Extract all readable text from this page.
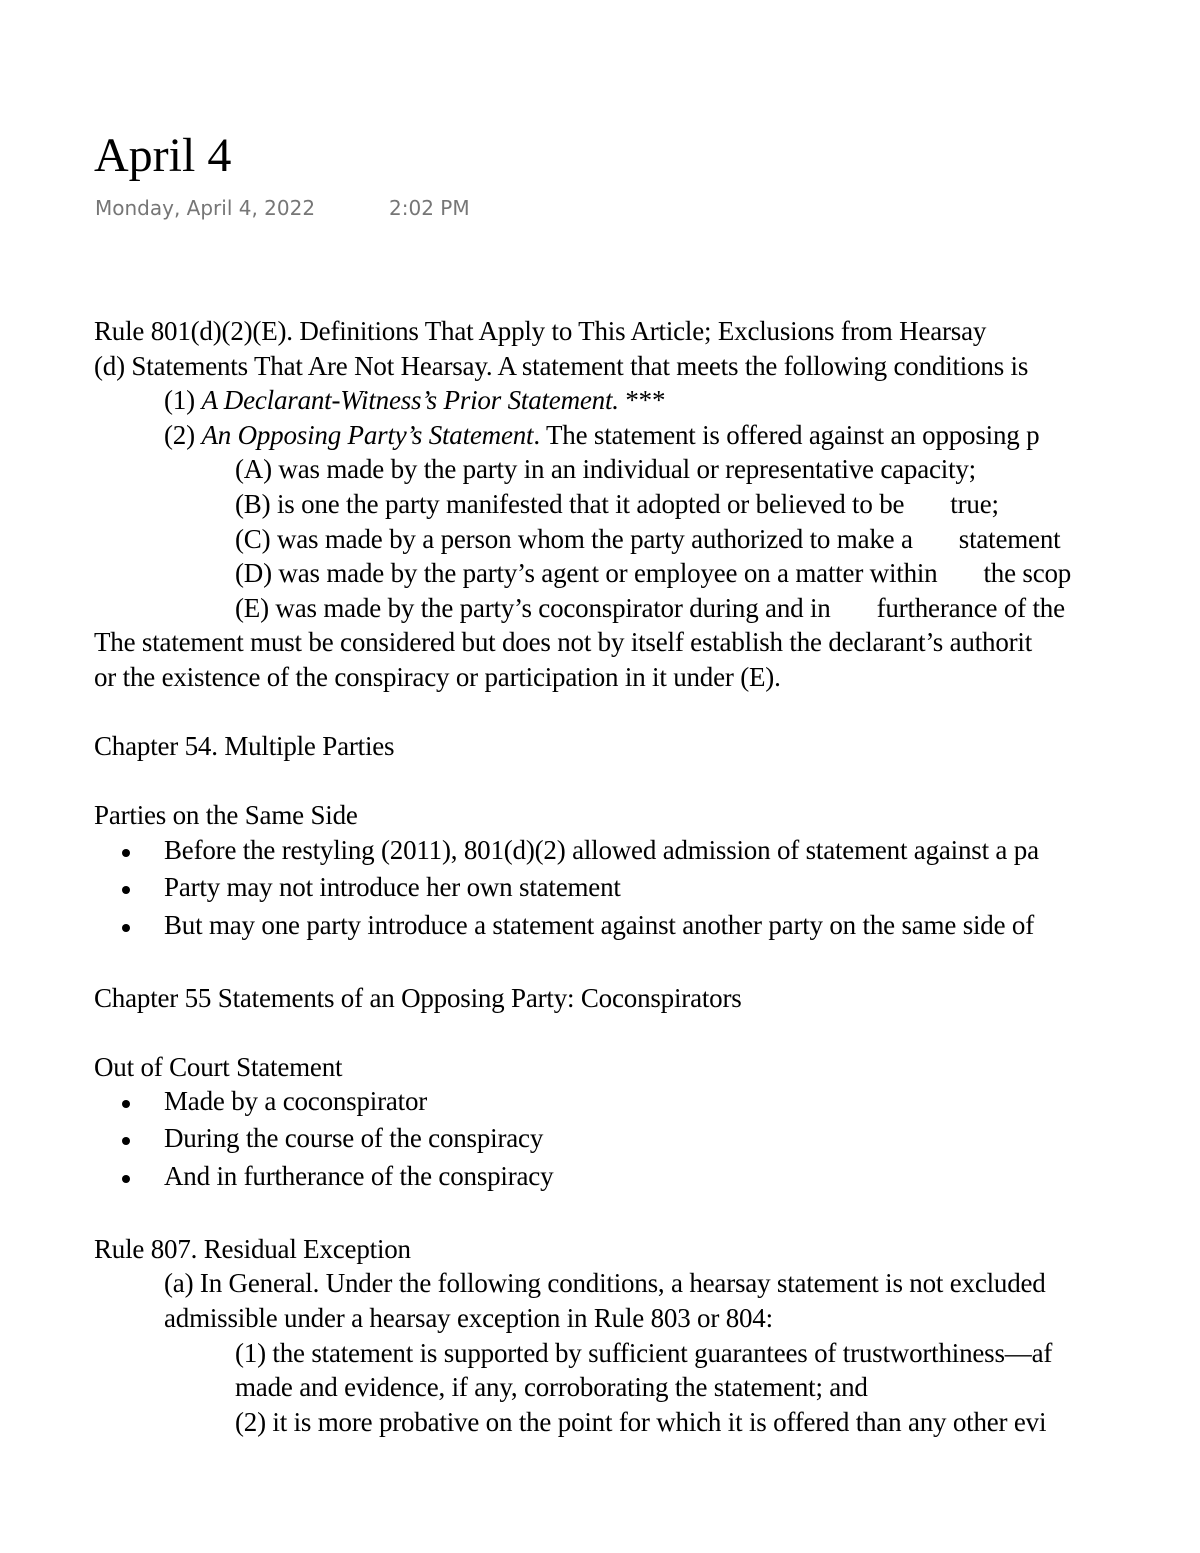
April 4
Monday, April 4, 2022	2:02 PM
Rule 801(d)(2)(E). Definitions That Apply to This Article; Exclusions from Hearsay
(d) Statements That Are Not Hearsay. A statement that meets the following conditions is
(1) A Declarant-Witness’s Prior Statement. ***
(2) An Opposing Party’s Statement. The statement is offered against an opposing p
(A) was made by the party in an individual or representative capacity;
(B) is one the party manifested that it adopted or believed to be true;
(C) was made by a person whom the party authorized to make a statement
(D) was made by the party’s agent or employee on a matter within the scop
(E) was made by the party’s coconspirator during and in furtherance of the
The statement must be considered but does not by itself establish the declarant’s authorit
or the existence of the conspiracy or participation in it under (E).
Chapter 54. Multiple Parties
Parties on the Same Side
Before the restyling (2011), 801(d)(2) allowed admission of statement against a pa
Party may not introduce her own statement
But may one party introduce a statement against another party on the same side of
Chapter 55 Statements of an Opposing Party: Coconspirators
Out of Court Statement
Made by a coconspirator
During the course of the conspiracy
And in furtherance of the conspiracy
Rule 807. Residual Exception
(a) In General. Under the following conditions, a hearsay statement is not excluded
admissible under a hearsay exception in Rule 803 or 804:
(1) the statement is supported by sufficient guarantees of trustworthiness—af
made and evidence, if any, corroborating the statement; and
(2) it is more probative on the point for which it is offered than any other evi
